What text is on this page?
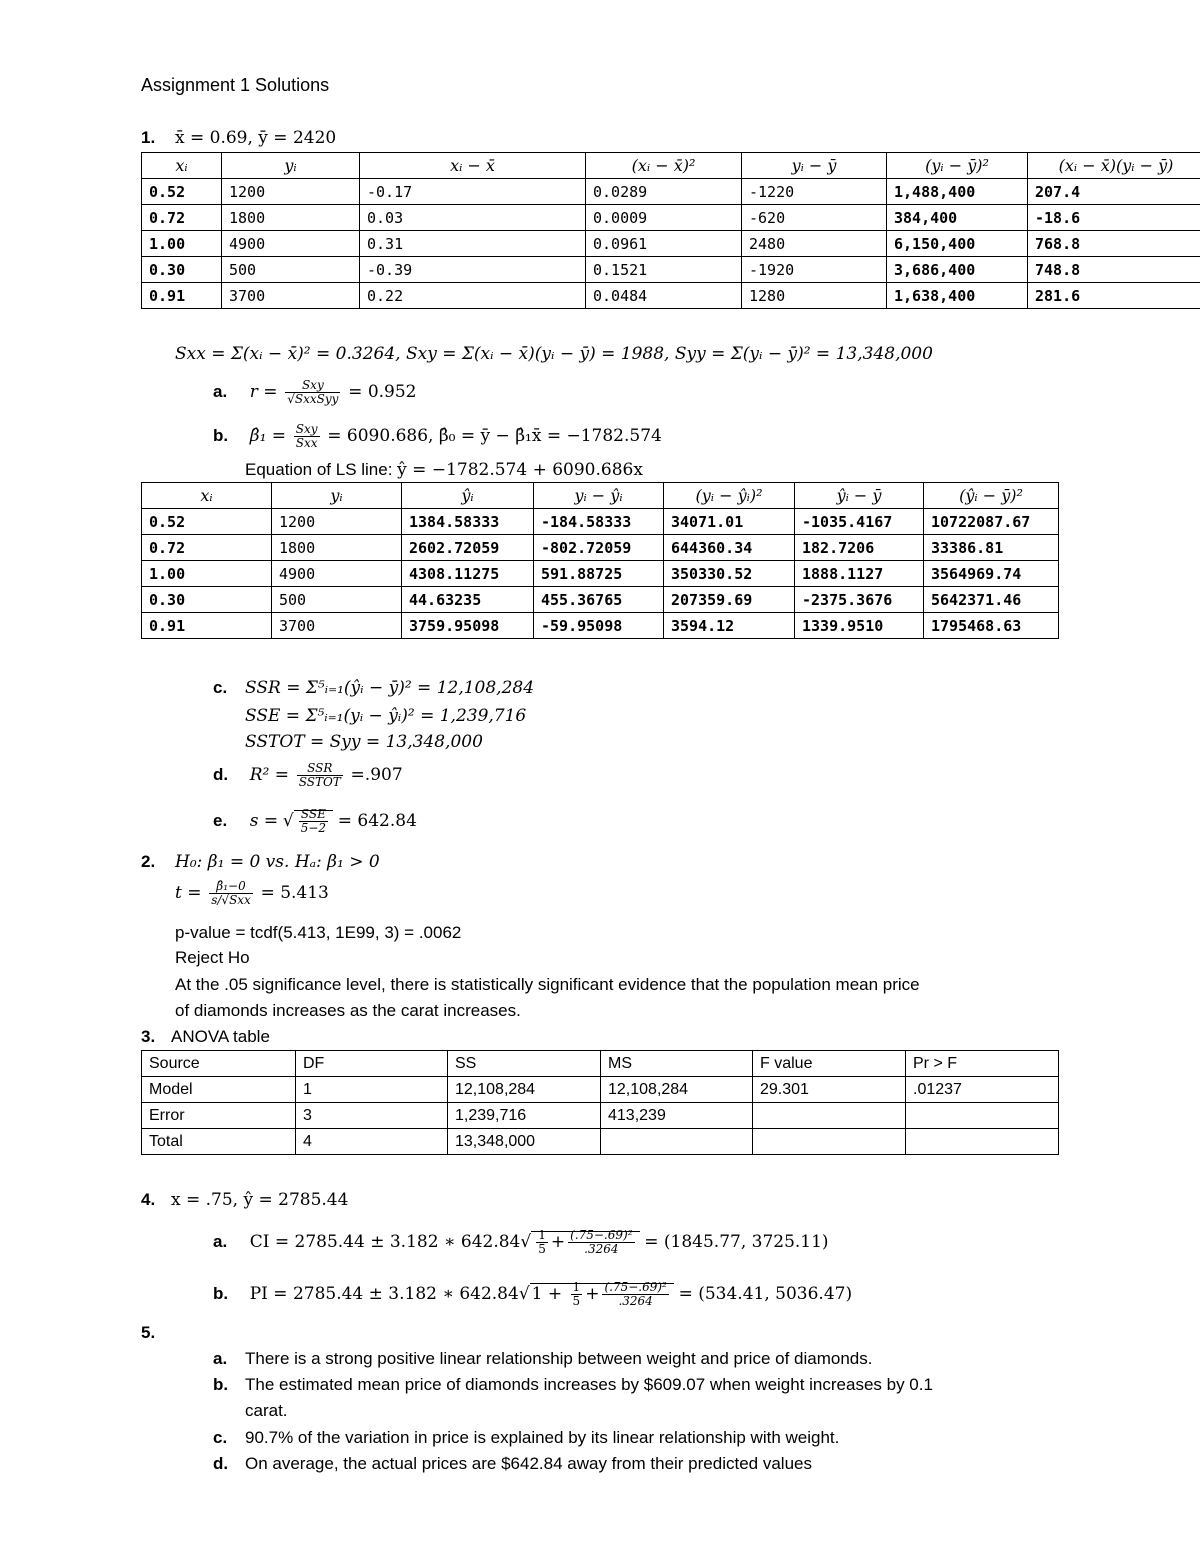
Assignment 1 Solutions
1. x̄ = 0.69, ȳ = 2420
xᵢ	yᵢ	xᵢ − x̄	(xᵢ − x̄)²	yᵢ − ȳ	(yᵢ − ȳ)²	(xᵢ − x̄)(yᵢ − ȳ)
0.52	1200	-0.17	0.0289	-1220	1,488,400	207.4
0.72	1800	0.03	0.0009	-620	384,400	-18.6
1.00	4900	0.31	0.0961	2480	6,150,400	768.8
0.30	500	-0.39	0.1521	-1920	3,686,400	748.8
0.91	3700	0.22	0.0484	1280	1,638,400	281.6
Sxx = Σ(xᵢ − x̄)² = 0.3264, Sxy = Σ(xᵢ − x̄)(yᵢ − ȳ) = 1988, Syy = Σ(yᵢ − ȳ)² = 13,348,000
a. $r = \frac{\text{Sxy}}{\text{√SxxSyy}} = 0.952$
b. β̂₁ = $\frac{\text{Sxy}}{\text{Sxx}} = 6090.686$, β̂₀ = ȳ − β̂₁x̄ = −1782.574
Equation of LS line: ŷ = −1782.574 + 6090.686x
xᵢ	yᵢ	ŷᵢ	yᵢ − ŷᵢ	(yᵢ − ŷᵢ)²	ŷᵢ − ȳ	(ŷᵢ − ȳ)²
0.52	1200	1384.58333	-184.58333	34071.01	-1035.4167	10722087.67
0.72	1800	2602.72059	-802.72059	644360.34	182.7206	33386.81
1.00	4900	4308.11275	591.88725	350330.52	1888.1127	3564969.74
0.30	500	44.63235	455.36765	207359.69	-2375.3676	5642371.46
0.91	3700	3759.95098	-59.95098	3594.12	1339.9510	1795468.63
c. SSR = Σ⁵ᵢ₌₁(ŷᵢ − ȳ)² = 12,108,284
SSE = Σ⁵ᵢ₌₁(yᵢ − ŷᵢ)² = 1,239,716
SSTOT = Syy = 13,348,000
d. $R^2 = \frac{\text{SSR}}{\text{SSTOT}} =.907$
e. s = √ $\frac{\text{SSE}}{5-2} = 642.84$
2. H₀: β₁ = 0 vs. Hₐ: β₁ > 0
$t = \frac{\text{β̂₁−0}}{\text{s/√Sxx}} = 5.413$
p-value = tcdf(5.413, 1E99, 3) = .0062
Reject Ho
At the .05 significance level, there is statistically significant evidence that the population mean price
of diamonds increases as the carat increases.
3. ANOVA table
Source	DF	SS	MS	F value	Pr > F
Model	1	12,108,284	12,108,284	29.301	.01237
Error	3	1,239,716	413,239		
Total	4	13,348,000			
4. x = .75, ŷ = 2785.44
a. CI = 2785.44 ± 3.182 ∗ $642.84√ \frac{1}{5} + \frac{\text{(.75−.69)²}}{.3264} = (1845.77$, 3725.11)
b. PI = 2785.44 ± 3.182 ∗ 642.84√ $1 + \frac{1}{5} + \frac{\text{(.75−.69)²}}{.3264} = (534.41$, 5036.47)
5.
a. There is a strong positive linear relationship between weight and price of diamonds.
b. The estimated mean price of diamonds increases by $609.07 when weight increases by 0.1
carat.
c. 90.7% of the variation in price is explained by its linear relationship with weight.
d. On average, the actual prices are $642.84 away from their predicted values
